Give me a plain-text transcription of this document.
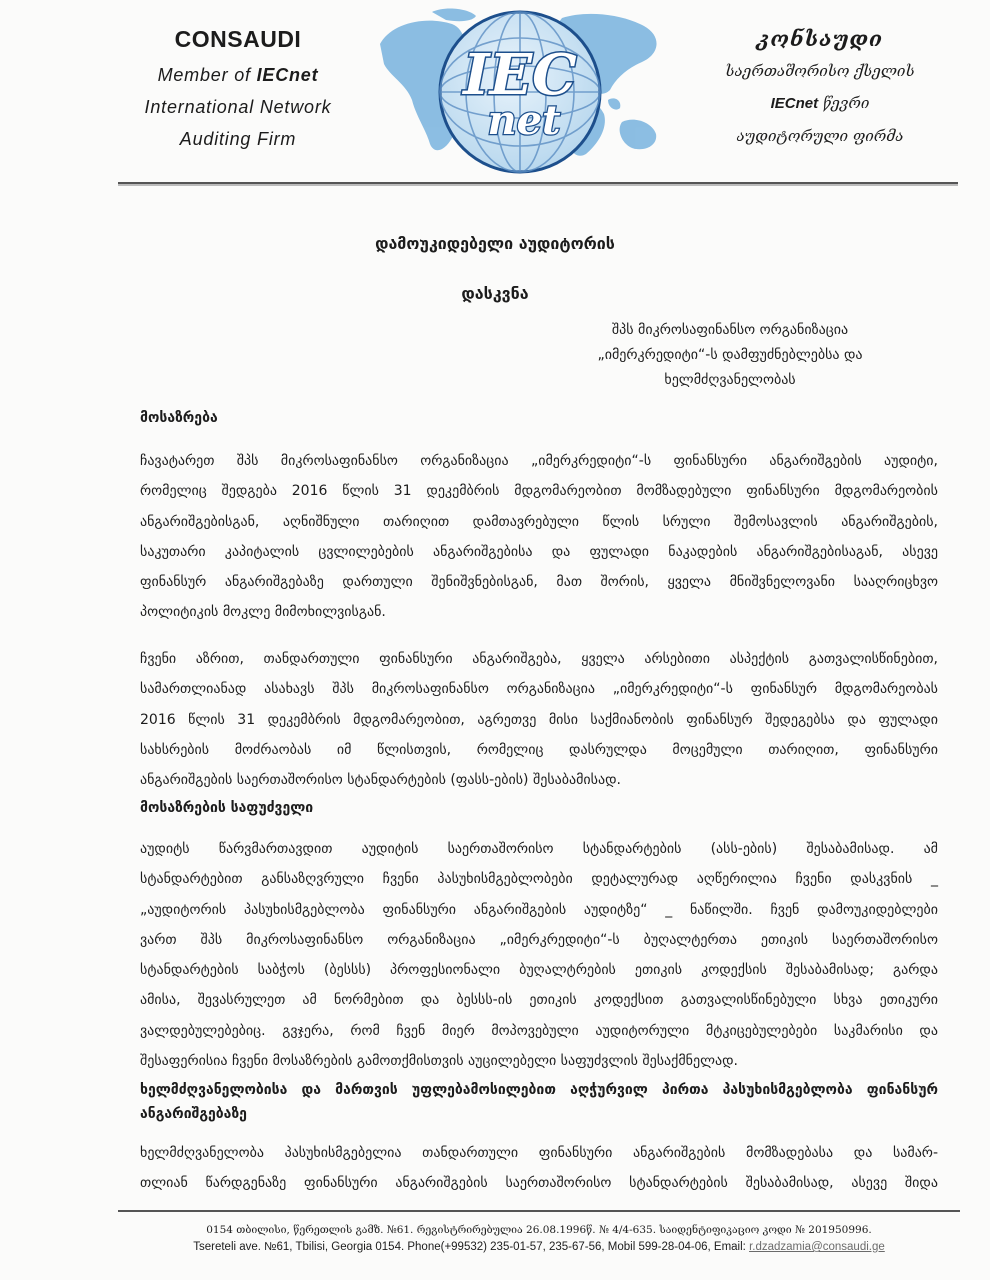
CONSAUDI
Member of IECnet
International Network
Auditing Firm
IEC
net
კონსაუდი
საერთაშორისო ქსელის
IECnet წევრი
აუდიტორული ფირმა
დამოუკიდებელი აუდიტორის
დასკვნა
შპს მიკროსაფინანსო ორგანიზაცია
„იმერკრედიტი“-ს დამფუძნებლებსა და
ხელმძღვანელობას
მოსაზრება
ჩავატარეთ შპს მიკროსაფინანსო ორგანიზაცია „იმერკრედიტი“-ს ფინანსური ანგარიშგების აუდიტი,
რომელიც შედგება 2016 წლის 31 დეკემბრის მდგომარეობით მომზადებული ფინანსური მდგომარეობის
ანგარიშგებისგან, აღნიშნული თარიღით დამთავრებული წლის სრული შემოსავლის ანგარიშგების,
საკუთარი კაპიტალის ცვლილებების ანგარიშგებისა და ფულადი ნაკადების ანგარიშგებისაგან, ასევე
ფინანსურ ანგარიშგებაზე დართული შენიშვნებისგან, მათ შორის, ყველა მნიშვნელოვანი სააღრიცხვო
პოლიტიკის მოკლე მიმოხილვისგან.
ჩვენი აზრით, თანდართული ფინანსური ანგარიშგება, ყველა არსებითი ასპექტის გათვალისწინებით,
სამართლიანად ასახავს შპს მიკროსაფინანსო ორგანიზაცია „იმერკრედიტი“-ს ფინანსურ მდგომარეობას
2016 წლის 31 დეკემბრის მდგომარეობით, აგრეთვე მისი საქმიანობის ფინანსურ შედეგებსა და ფულადი
სახსრების მოძრაობას იმ წლისთვის, რომელიც დასრულდა მოცემული თარიღით, ფინანსური
ანგარიშგების საერთაშორისო სტანდარტების (ფასს-ების) შესაბამისად.
მოსაზრების საფუძველი
აუდიტს წარვმართავდით აუდიტის საერთაშორისო სტანდარტების (ასს-ების) შესაბამისად. ამ
სტანდარტებით განსაზღვრული ჩვენი პასუხისმგებლობები დეტალურად აღწერილია ჩვენი დასკვნის _
„აუდიტორის პასუხისმგებლობა ფინანსური ანგარიშგების აუდიტზე“ _ ნაწილში. ჩვენ დამოუკიდებლები
ვართ შპს მიკროსაფინანსო ორგანიზაცია „იმერკრედიტი“-ს ბუღალტერთა ეთიკის საერთაშორისო
სტანდარტების საბჭოს (ბესსს) პროფესიონალი ბუღალტრების ეთიკის კოდექსის შესაბამისად; გარდა
ამისა, შევასრულეთ ამ ნორმებით და ბესსს-ის ეთიკის კოდექსით გათვალისწინებული სხვა ეთიკური
ვალდებულებებიც. გვჯერა, რომ ჩვენ მიერ მოპოვებული აუდიტორული მტკიცებულებები საკმარისი და
შესაფერისია ჩვენი მოსაზრების გამოთქმისთვის აუცილებელი საფუძვლის შესაქმნელად.
ხელმძღვანელობისა და მართვის უფლებამოსილებით აღჭურვილ პირთა პასუხისმგებლობა ფინანსურ
ანგარიშგებაზე
ხელმძღვანელობა პასუხისმგებელია თანდართული ფინანსური ანგარიშგების მომზადებასა და სამარ-
თლიან წარდგენაზე ფინანსური ანგარიშგების საერთაშორისო სტანდარტების შესაბამისად, ასევე შიდა
0154 თბილისი, წერეთლის გამზ. №61. რეგისტრირებულია 26.08.1996წ. № 4/4-635. საიდენტიფიკაციო კოდი № 201950996.
Tsereteli ave. №61, Tbilisi, Georgia 0154. Phone(+99532) 235-01-57, 235-67-56, Mobil 599-28-04-06, Email: r.dzadzamia@consaudi.ge
